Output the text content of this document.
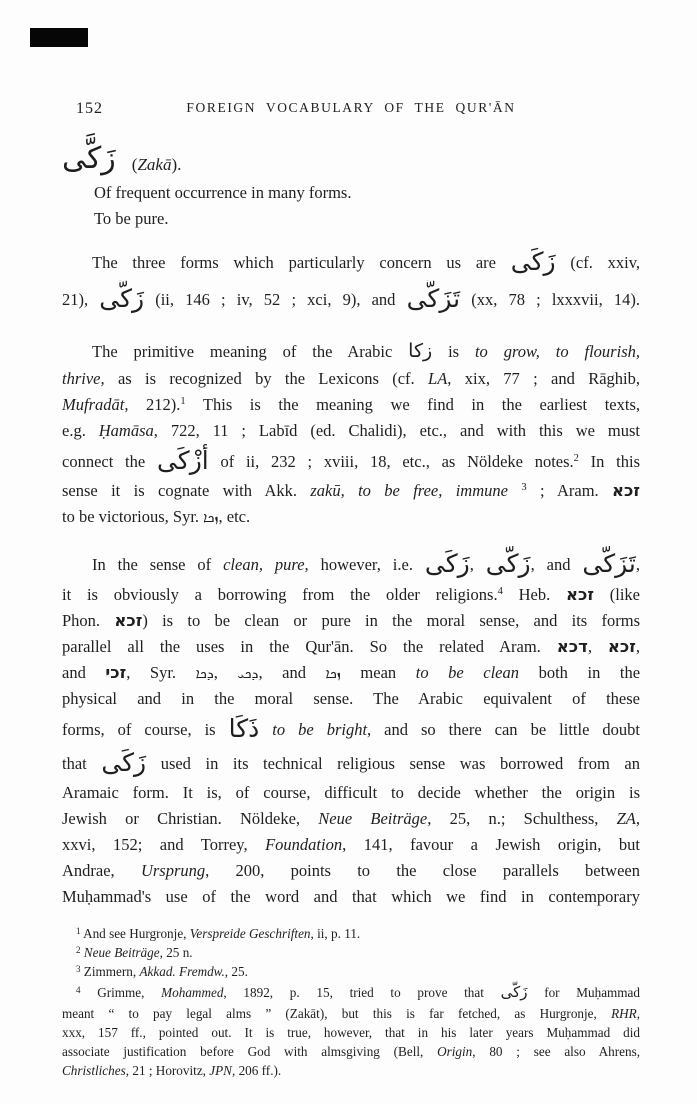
152	FOREIGN VOCABULARY OF THE QUR'ĀN
زَكَّى (Zakā).
Of frequent occurrence in many forms.
To be pure.
The three forms which particularly concern us are زَكَى (cf. xxiv,
21), زَكَّى (ii, 146 ; iv, 52 ; xci, 9), and تَزَكَّى (xx, 78 ; lxxxvii, 14).
The primitive meaning of the Arabic زكا is to grow, to flourish,
thrive, as is recognized by the Lexicons (cf. LA, xix, 77 ; and Rāghib,
Mufradāt, 212).$^1$ This is the meaning we find in the earliest texts,
e.g. Ḥamāsa, 722, 11 ; Labīd (ed. Chalidi), etc., and with this we must
connect the أَزْكَى of ii, 232 ; xviii, 18, etc., as Nöldeke notes.$^2$ In this
sense it is cognate with Akk. zakū, to be free, immune $^3$ ; Aram. זכא
to be victorious, Syr. ܙܟܐ, etc.
In the sense of clean, pure, however, i.e. زَكَى, زَكَّى, and تَزَكَّى,
it is obviously a borrowing from the older religions.$^4$ Heb. זכא (like
Phon. זכא) is to be clean or pure in the moral sense, and its forms
parallel all the uses in the Qur'ān. So the related Aram. דכא, זכא,
and זכי, Syr. ܕܟܐ, ܕܟܝ, and ܙܟܐ mean to be clean both in the
physical and in the moral sense. The Arabic equivalent of these
forms, of course, is ذَكَا to be bright, and so there can be little doubt
that زَكَى used in its technical religious sense was borrowed from an
Aramaic form. It is, of course, difficult to decide whether the origin is
Jewish or Christian. Nöldeke, Neue Beiträge, 25, n.; Schulthess, ZA,
xxvi, 152; and Torrey, Foundation, 141, favour a Jewish origin, but
Andrae, Ursprung, 200, points to the close parallels between
Muḥammad's use of the word and that which we find in contemporary
$^1$ And see Hurgronje, Verspreide Geschriften, ii, p. 11.
$^2$ Neue Beiträge, 25 n.
$^3$ Zimmern, Akkad. Fremdw., 25.
$^4$ Grimme, Mohammed, 1892, p. 15, tried to prove that زَكَّى for Muḥammad
meant “ to pay legal alms ” (Zakāt), but this is far fetched, as Hurgronje, RHR,
xxx, 157 ff., pointed out. It is true, however, that in his later years Muḥammad did
associate justification before God with almsgiving (Bell, Origin, 80 ; see also Ahrens,
Christliches, 21 ; Horovitz, JPN, 206 ff.).
